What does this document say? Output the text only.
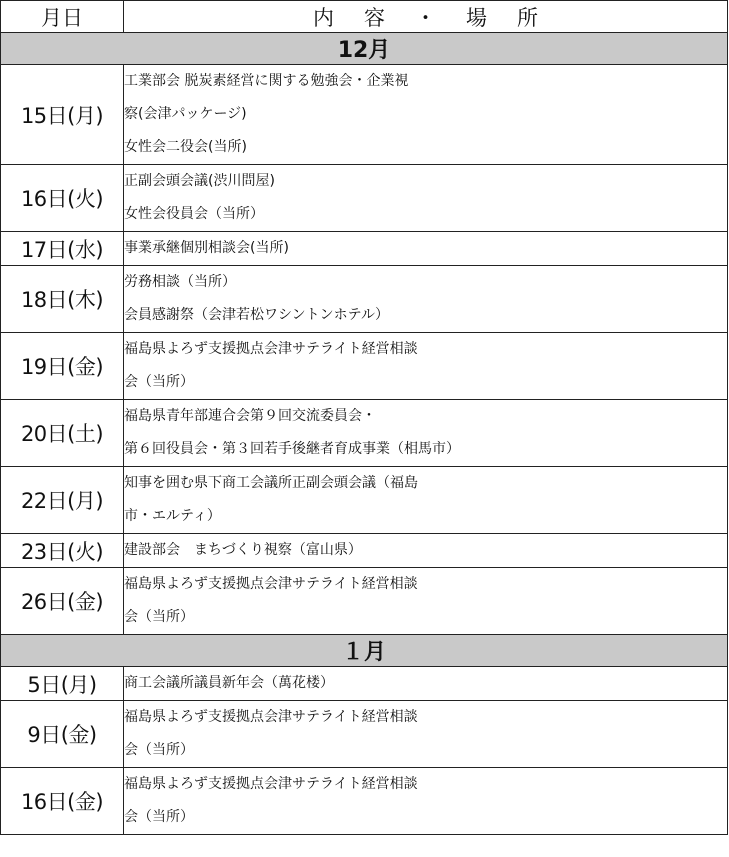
月日	内容・場所
12月	
15日(月)	工業部会 脱炭素経営に関する勉強会・企業視
察(会津パッケージ)
女性会二役会(当所)

16日(火)	正副会頭会議(渋川問屋)
女性会役員会（当所）

17日(水)	事業承継個別相談会(当所)

18日(木)	労務相談（当所）
会員感謝祭（会津若松ワシントンホテル）

19日(金)	福島県よろず支援拠点会津サテライト経営相談
会（当所）

20日(土)	福島県青年部連合会第９回交流委員会・
第６回役員会・第３回若手後継者育成事業（相馬市）

22日(月)	知事を囲む県下商工会議所正副会頭会議（福島
市・エルティ）

23日(火)	建設部会　まちづくり視察（富山県）

26日(金)	福島県よろず支援拠点会津サテライト経営相談
会（当所）

１月	
5日(月)	商工会議所議員新年会（萬花楼）

9日(金)	福島県よろず支援拠点会津サテライト経営相談
会（当所）

16日(金)	福島県よろず支援拠点会津サテライト経営相談
会（当所）
